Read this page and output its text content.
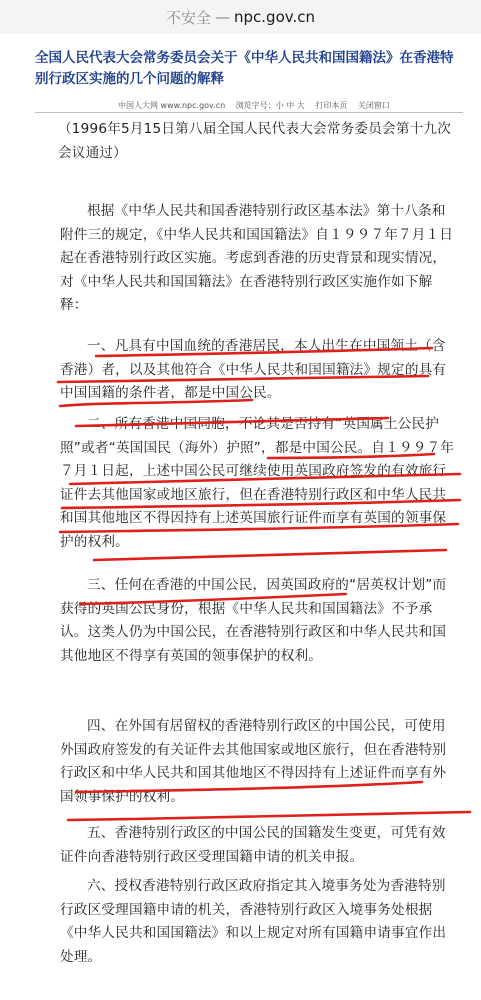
不安全 — npc.gov.cn
全国人民代表大会常务委员会关于《中华人民共和国国籍法》在香港特别行政区实施的几个问题的解释
中国人大网 www.npc.gov.cn 浏览字号：小 中 大 打印本页 关闭窗口
（1996年5月15日第八届全国人民代表大会常务委员会第十九次会议通过）
根据《中华人民共和国香港特别行政区基本法》第十八条和附件三的规定，《中华人民共和国国籍法》自１９９７年７月１日起在香港特别行政区实施。考虑到香港的历史背景和现实情况，对《中华人民共和国国籍法》在香港特别行政区实施作如下解释：
一、凡具有中国血统的香港居民，本人出生在中国领土（含香港）者，以及其他符合《中华人民共和国国籍法》规定的具有中国国籍的条件者，都是中国公民。
二、所有香港中国同胞，不论其是否持有“英国属土公民护照”或者“英国国民（海外）护照”，都是中国公民。自１９９７年７月１日起，上述中国公民可继续使用英国政府签发的有效旅行证件去其他国家或地区旅行，但在香港特别行政区和中华人民共和国其他地区不得因持有上述英国旅行证件而享有英国的领事保护的权利。
三、任何在香港的中国公民，因英国政府的“居英权计划”而获得的英国公民身份，根据《中华人民共和国国籍法》不予承认。这类人仍为中国公民，在香港特别行政区和中华人民共和国其他地区不得享有英国的领事保护的权利。
四、在外国有居留权的香港特别行政区的中国公民，可使用外国政府签发的有关证件去其他国家或地区旅行，但在香港特别行政区和中华人民共和国其他地区不得因持有上述证件而享有外国领事保护的权利。
五、香港特别行政区的中国公民的国籍发生变更，可凭有效证件向香港特别行政区受理国籍申请的机关申报。
六、授权香港特别行政区政府指定其入境事务处为香港特别行政区受理国籍申请的机关，香港特别行政区入境事务处根据《中华人民共和国国籍法》和以上规定对所有国籍申请事宜作出处理。
